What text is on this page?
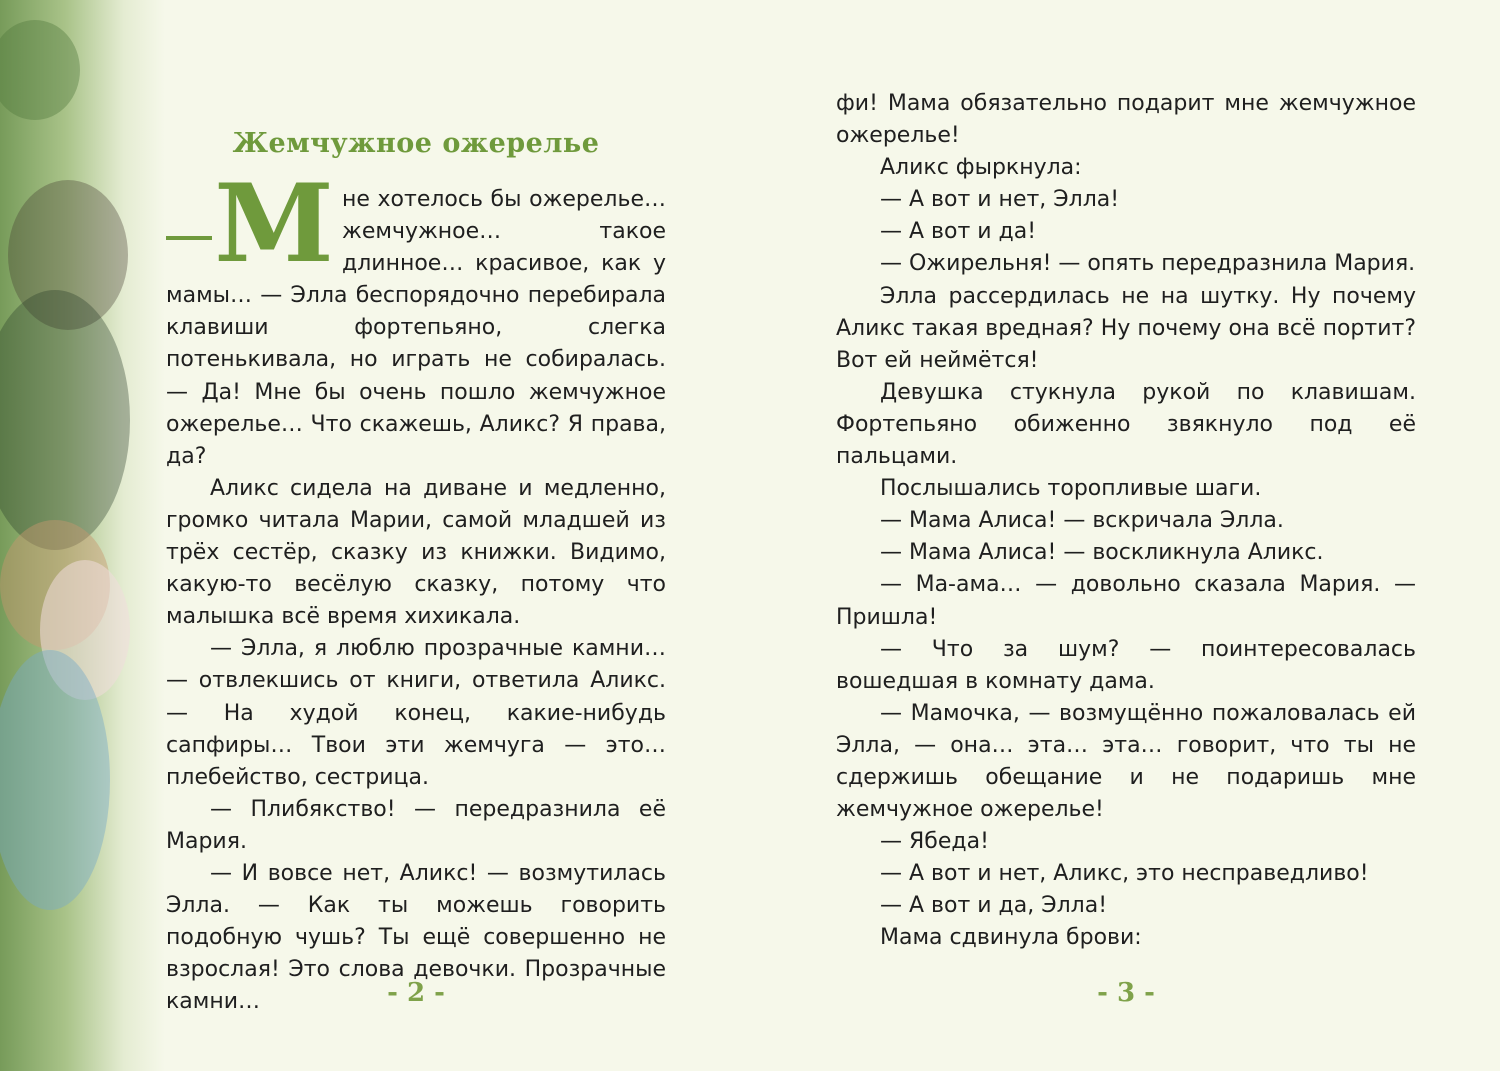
Жемчужное ожерелье
М не хотелось бы ожерелье… жемчужное… такое длинное… красивое, как у мамы… — Элла беспорядочно перебирала клавиши фортепьяно, слегка потенькивала, но играть не собиралась. — Да! Мне бы очень пошло жемчужное ожерелье… Что скажешь, Аликс? Я права, да?

Аликс сидела на диване и медленно, громко читала Марии, самой младшей из трёх сестёр, сказку из книжки. Видимо, какую-то весёлую сказку, потому что малышка всё время хихикала.

— Элла, я люблю прозрачные камни… — отвлекшись от книги, ответила Аликс. — На худой конец, какие-нибудь сапфиры… Твои эти жемчуга — это… плебейство, сестрица.

— Плибякство! — передразнила её Мария.

— И вовсе нет, Аликс! — возмутилась Элла. — Как ты можешь говорить подобную чушь? Ты ещё совершенно не взрослая! Это слова девочки. Прозрачные камни…	- 2 -

фи! Мама обязательно подарит мне жемчужное ожерелье!

Аликс фыркнула:

— А вот и нет, Элла!

— А вот и да!

— Ожирельня! — опять передразнила Мария.

Элла рассердилась не на шутку. Ну почему Аликс такая вредная? Ну почему она всё портит? Вот ей неймётся!

Девушка стукнула рукой по клавишам. Фортепьяно обиженно звякнуло под её пальцами.

Послышались торопливые шаги.

— Мама Алиса! — вскричала Элла.

— Мама Алиса! — воскликнула Аликс.

— Ма-ама… — довольно сказала Мария. — Пришла!

— Что за шум? — поинтересовалась вошедшая в комнату дама.

— Мамочка, — возмущённо пожаловалась ей Элла, — она… эта… эта… говорит, что ты не сдержишь обещание и не подаришь мне жемчужное ожерелье!

— Ябеда!

— А вот и нет, Аликс, это несправедливо!

— А вот и да, Элла!

Мама сдвинула брови:

- 3 -
